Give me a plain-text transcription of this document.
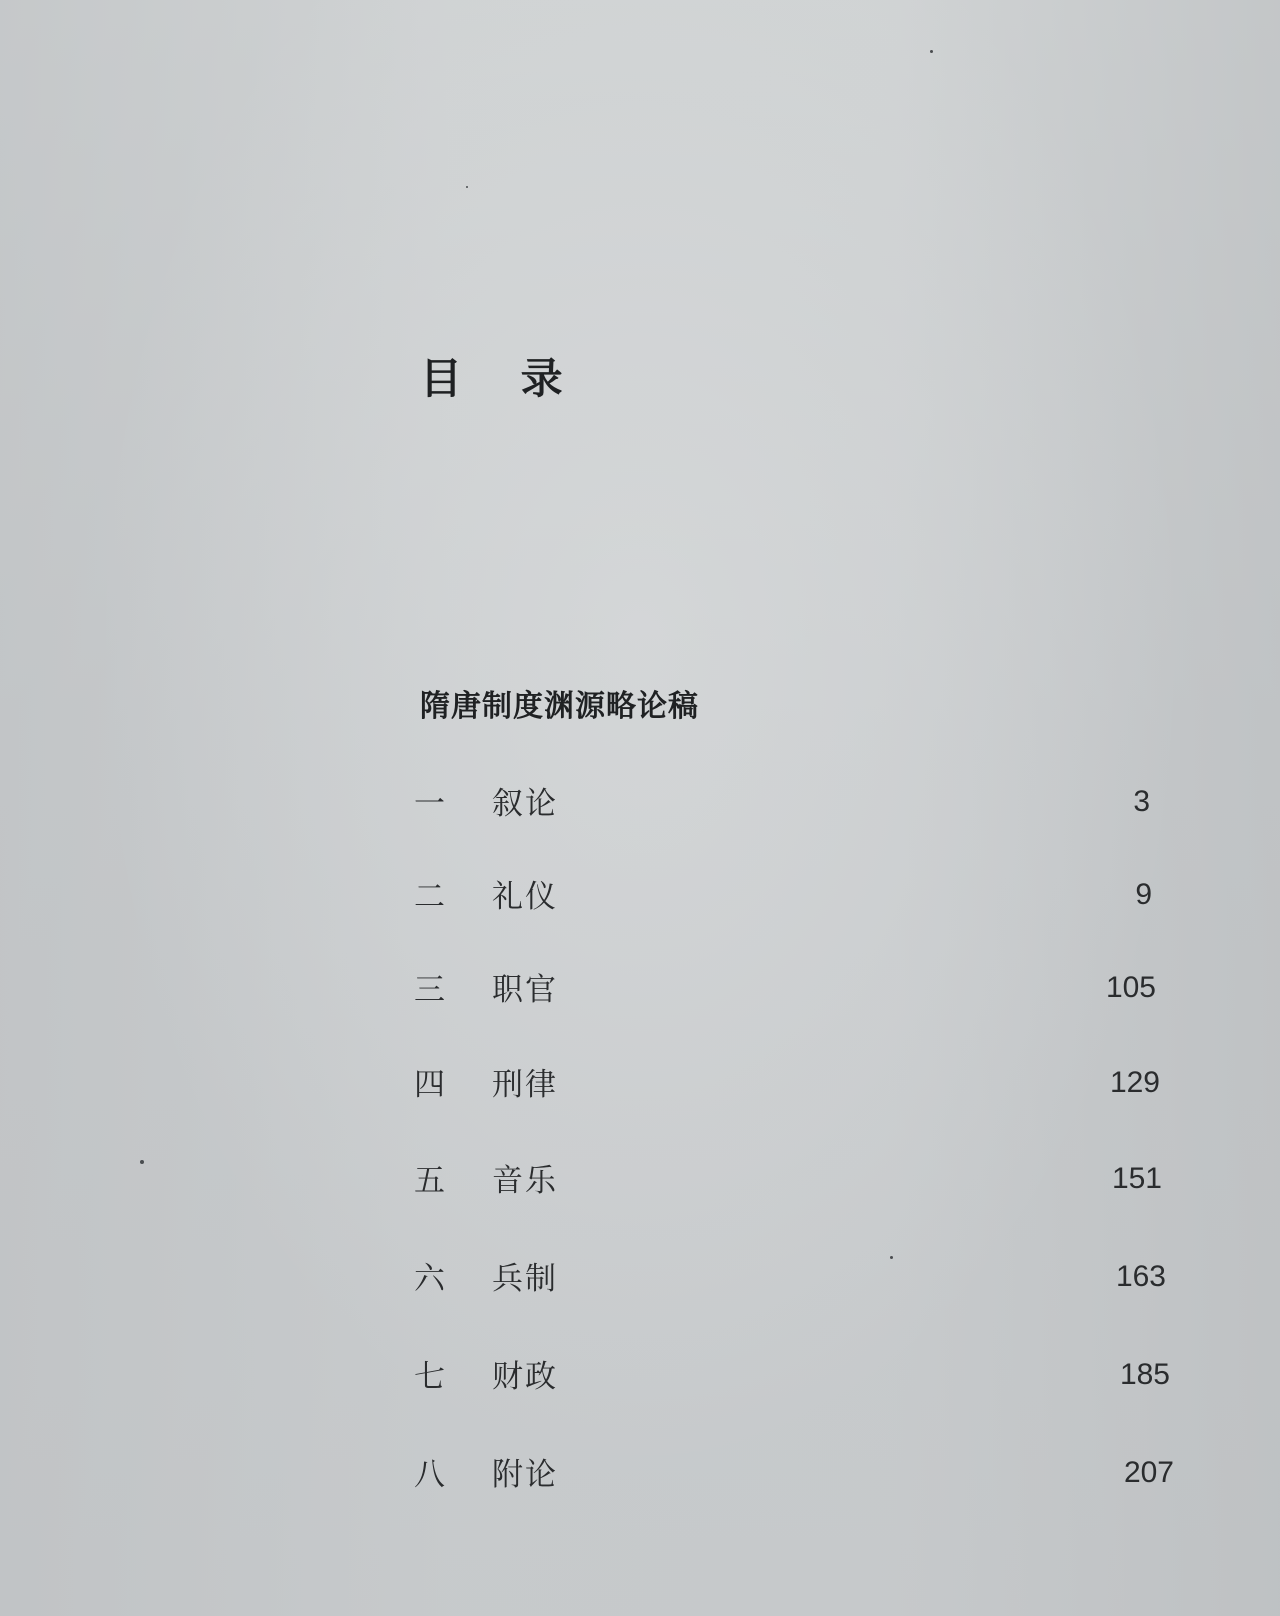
目 录
隋唐制度渊源略论稿
一 叙论	3
二 礼仪	9
三 职官	105
四 刑律	129
五 音乐	151
六 兵制	163
七 财政	185
八 附论	207
